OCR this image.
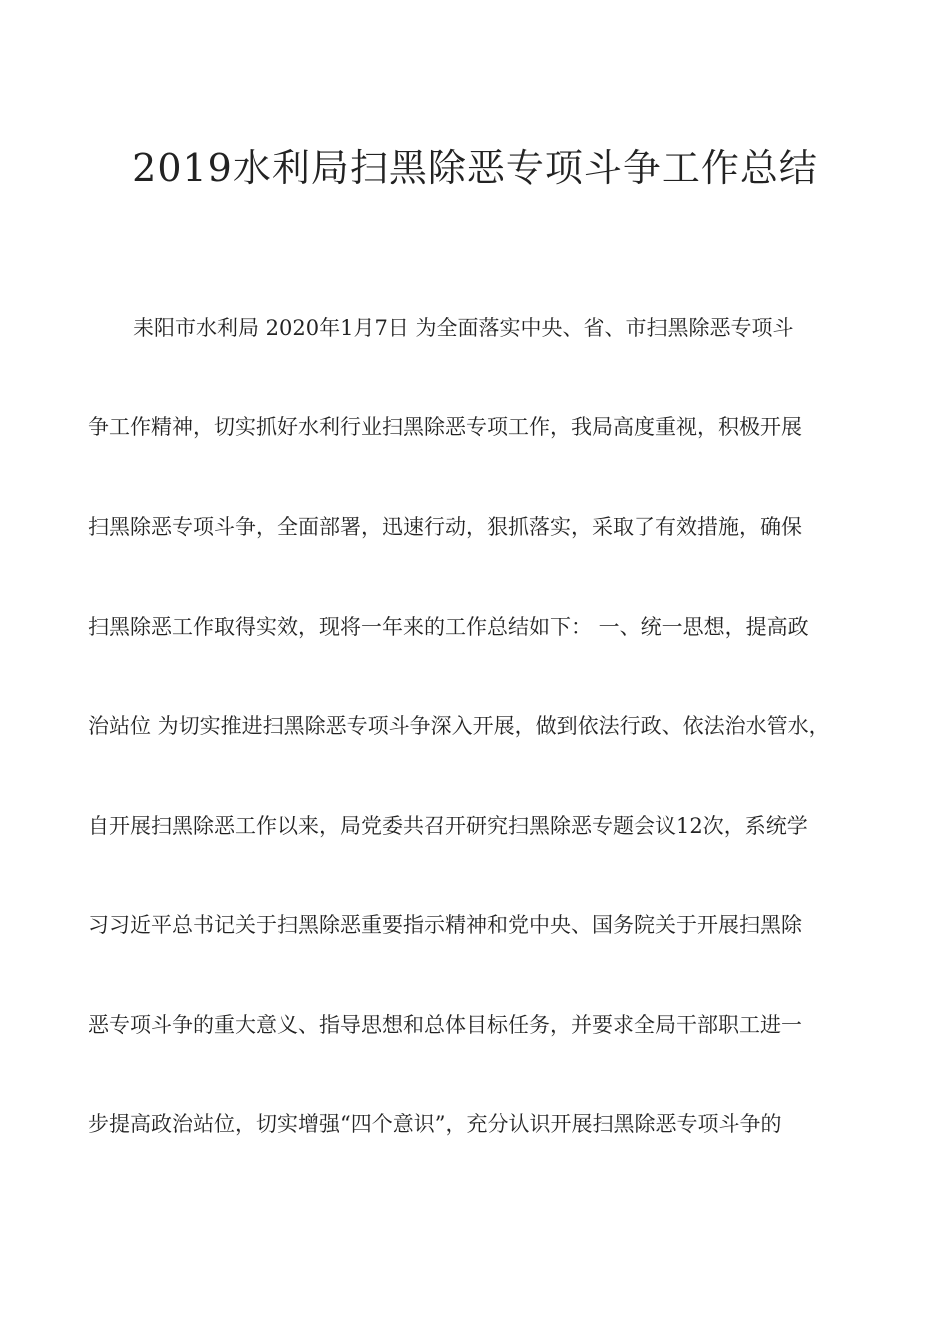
2019水利局扫黑除恶专项斗争工作总结

耒阳市水利局 2020年1月7日 为全面落实中央、省、市扫黑除恶专项斗

争工作精神，切实抓好水利行业扫黑除恶专项工作，我局高度重视，积极开展

扫黑除恶专项斗争，全面部署，迅速行动，狠抓落实，采取了有效措施，确保

扫黑除恶工作取得实效，现将一年来的工作总结如下： 一、统一思想，提高政

治站位 为切实推进扫黑除恶专项斗争深入开展，做到依法行政、依法治水管水，

自开展扫黑除恶工作以来，局党委共召开研究扫黑除恶专题会议12次，系统学

习习近平总书记关于扫黑除恶重要指示精神和党中央、国务院关于开展扫黑除

恶专项斗争的重大意义、指导思想和总体目标任务，并要求全局干部职工进一

步提高政治站位，切实增强“四个意识”，充分认识开展扫黑除恶专项斗争的
